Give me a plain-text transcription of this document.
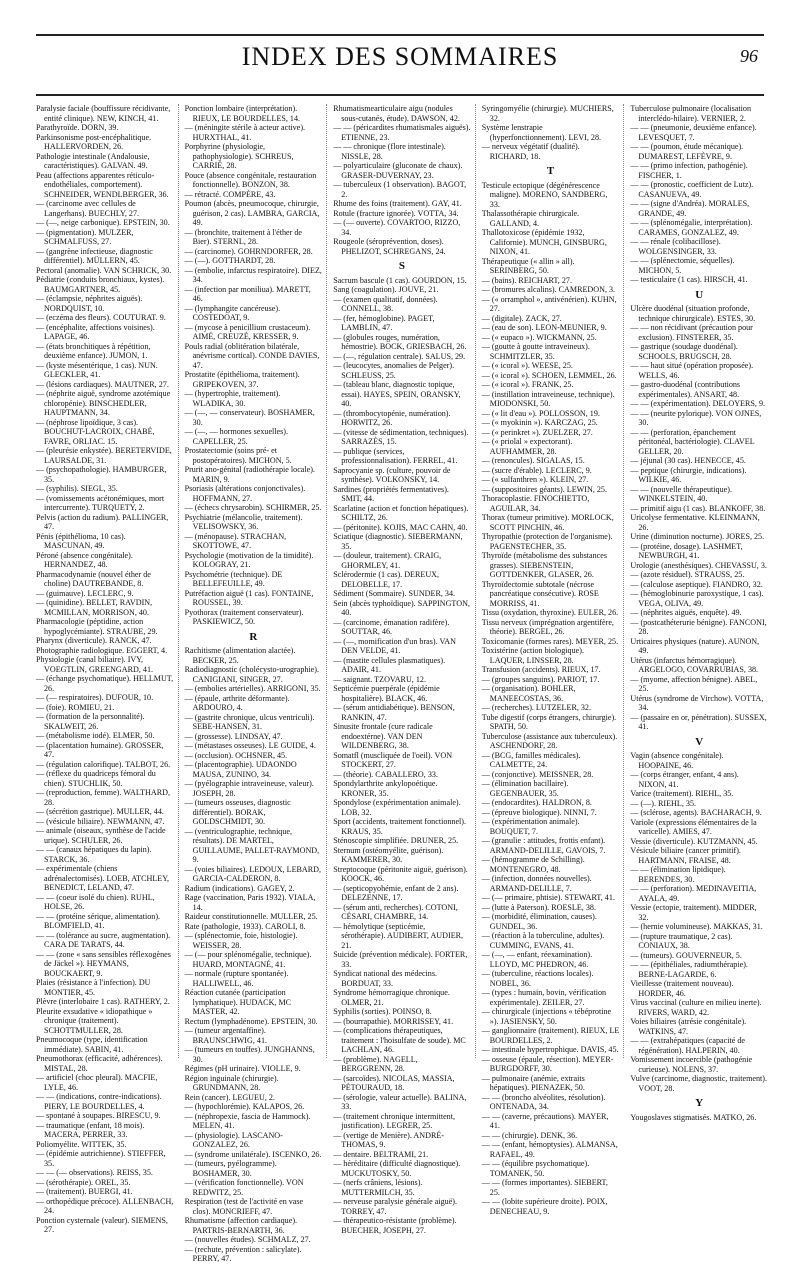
INDEX DES SOMMAIRES	96
Paralysie faciale (bouffissure récidivante, entité clinique). NEW, KINCH, 41.
Parathyroïde. DORN, 39.
Parkinsonisme post-encéphalitique. HALLERVORDEN, 26.
Pathologie intestinale (Andalousie, caractéristiques). GALVAN. 49.
Peau (affections apparentes réticulo-endothéliales, comportement). SCHNEIDER, WENDLBERGER, 36.
— (carcinome avec cellules de Langerhans). BUECHLY, 27.
— (—, neige carbonique). EPSTEIN, 30.
— (pigmentation). MULZER, SCHMALFUSS, 27.
— (gangrène infectieuse, diagnostic différentiel). MÜLLERN, 45.
Pectoral (anomalie). VAN SCHRICK, 30.
Pédiatrie (conduits bronchiaux, kystes). BAUMGARTNER, 45.
— (éclampsie, néphrites aiguës). NORDQUIST, 10.
— (eczéma des fleurs). COUTURAT. 9.
— (encéphalite, affections voisines). LAPAGE, 46.
— (états bronchitiques à répétition, deuxième enfance). JUMON, 1.
— (kyste mésentérique, 1 cas). NUN. GLECKLER, 41.
— (lésions cardiaques). MAUTNER, 27.
— (néphrite aiguë, syndrome azotémique chloropénie). BINSCHEDLER, HAUPTMANN, 34.
— (néphrose lipoïdique, 3 cas). BOUCHUT-LACROIX, CHABÉ, FAVRE, ORLIAC. 15.
— (pleurésie enkystée). BERETERVIDE, LAURSALDE, 31.
— (psychopathologie). HAMBURGER, 35.
— (syphilis). SIEGL, 35.
— (vomissements acétonémiques, mort intercurrente). TURQUETY, 2.
Pelvis (action du radium). PALLINGER, 47.
Pénis (épithélioma, 10 cas). MASCUNAN, 49.
Péroné (absence congénitale). HERNANDEZ, 48.
Pharmacodynamie (nouvel éther de choline) DAUTREBANDE, 8.
— (guimauve). LECLERC, 9.
— (quinidine). BELLET, RAVDIN, MCMILLAN, MORRISON, 40.
Pharmacologie (péptidine, action hypoglycémiante). STRAUBE, 29.
Pharynx (diverticule). RANCK, 47.
Photographie radiologique. EGGERT, 4.
Physiologie (canal biliaire). IVY, VOEGTLIN, GREENGARD, 41.
— (échange psychomatique). HELLMUT, 26.
— (— respiratoires). DUFOUR, 10.
— (foie). ROMIEU, 21.
— (formation de la personnalité). SKALWEIT, 26.
— (métabolisme iodé). ELMER, 50.
— (placentation humaine). GROSSER, 47.
— (régulation calorifique). TALBOT, 26.
— (réflexe du quadriceps fémoral du chien). STUCHLIK, 50.
— (reproduction, femme). WALTHARD, 28.
— (sécrétion gastrique). MULLER, 44.
— (vésicule biliaire). NEWMANN, 47.
— animale (oiseaux, synthèse de l'acide urique). SCHULER, 26.
— — (canaux hépatiques du lapin). STARCK, 36.
— expérimentale (chiens adrénalectomisés). LOEB, ATCHLEY, BENEDICT, LELAND, 47.
— — (coeur isolé du chien). RUHL, HOLSE, 26.
— — (protéine sérique, alimentation). BLOMFIELD, 41.
— — (tolérance au sucre, augmentation). CARA DE TARATS, 44.
— — (zone « sans sensibles réflexogènes de Jäckel »). HEYMANS, BOUCKAERT, 9.
Plaies (résistance à l'infection). DU MONTIER, 45.
Plèvre (interlobaire 1 cas). RATHERY, 2.
Pleurite exsudative « idiopathique » chronique (traitement). SCHOTTMULLER, 28.
Pneumocoque (type, identification immédiate). SABIN, 41.
Pneumothorax (efficacité, adhérences). MISTAL, 28.
— artificiel (choc pleural). MACFIE, LYLE, 46.
— — (indications, contre-indications). PIERY, LE BOURDELLES, 4.
— spontané à soupapes. BIRESCU, 9.
— traumatique (enfant, 18 mois). MACERA, PERRER, 33.
Poliomyélite. WITTEK, 35.
— (épidémie autrichienne). STIEFFER, 35.
— — (— observations). REISS, 35.
— (sérothérapie). OREL, 35.
— (traitement). BUERGI, 41.
— orthopédique précoce). ALLENBACH, 24.
Ponction cysternale (valeur). SIEMENS, 27.
Ponction lombaire (interprétation). RIEUX, LE BOURDELLES, 14.
— (méningite stérile à acteur active). HURXTHAL, 41.
Porphyrine (physiologie, pathophysiologie). SCHREUS, CARRIÉ, 28.
Pouce (absence congénitale, restauration fonctionnelle). BONZON, 38.
— rétracté. COMPÈRE, 43.
Poumon (abcès, pneumocoque, chirurgie, guérison, 2 cas). LAMBRA, GARCIA, 49.
— (bronchite, traitement à l'éther de Bier). STERNL, 28.
— (carcinome). GOHRNDORFER, 28.
— (—). GOTTHARDT, 28.
— (embolie, infarctus respiratoire). DIEZ, 34.
— (infection par moniliua). MARETT, 46.
— (lymphangite cancéreuse). COSTEDOAT, 9.
— (mycose à penicillium crustaceum). AIMÉ, CREUZÉ, KRESSER, 9.
Pouls radial (oblitération bilatérale, anévrisme cortical). CONDE DAVIES, 47.
Prostatite (épithélioma, traitement). GRIPEKOVEN, 37.
— (hypertrophie, traitement). WLADIKA, 30.
— (—, — conservateur). BOSHAMER, 30.
— (—, — hormones sexuelles). CAPELLER, 25.
Prostatectomie (soins pré- et postopératoires). MICHON, 5.
Prurit ano-génital (radiothérapie locale). MARIN, 9.
Psoriasis (altérations conjonctivales). HOFFMANN, 27.
— (échecs chrysarobin). SCHIRMER, 25.
Psychiatrie (mélancolie, traitement). VELISOWSKY, 36.
— (ménopause). STRACHAN, SKOTTOWE, 47.
Psychologie (motivation de la timidité). KOLOGRAY, 21.
Psychométrie (technique). DE BELLEFEUILLE, 49.
Putréfaction aiguë (1 cas). FONTAINE, ROUSSEL, 39.
Pyothorax (traitement conservateur). PASKIEWICZ, 50.
R
Rachitisme (alimentation alactée). BECKER, 25.
Radiodiagnostic (cholécysto-urographie). CANIGIANI, SINGER, 27.
— (embolies artérielles). ARRIGONI, 35.
— (épaule, arthrite déformante). ARDOURO, 4.
— (gastrite chronique, ulcus ventriculi). SEBE-HANSEN, 31.
— (grossesse). LINDSAY, 47.
— (métastases osseuses). LE GUIDE, 4.
— (occlusion). OCHSNER, 45.
— (placentographie). UDAONDO MAUSA, ZUNINO, 34.
— (pyélographie intraveineuse, valeur). JOSEPH, 28.
— (tumeurs osseuses, diagnostic différentiel). BORAK, GOLDSCHMIDT, 30.
— (ventriculographie, technique, résultats). DE MARTEL, GUILLAUME, PALLET-RAYMOND, 9.
— (voies biliaires). LEDOUX, LEBARD, GARCIA-CALDERON, 8.
Radium (indications). GAGEY, 2.
Rage (vaccination, Paris 1932). VIALA, 14.
Raideur constitutionnelle. MULLER, 25.
Rate (pathologie, 1933). CAROLI, 8.
— (splénectomie, foie, histologie). WEISSER, 28.
— (— pour splénomégalie, technique). HUARD, MONTAGNÉ, 41.
— normale (rupture spontanée). HALLIWELL, 46.
Réaction cutanée (participation lymphatique). HUDACK, MC MASTER, 42.
Rectum (lymphadénome). EPSTEIN, 30.
— (tumeur argentaffine). BRAUNSCHWIG, 41.
— (tumeurs en touffes). JUNGHANNS, 30.
Régimes (pH urinaire). VIOLLE, 9.
Région inguinale (chirurgie). GRUNDMANN, 28.
Rein (cancer). LEGUEU, 2.
— (hypochlorémie). KALAPOS, 26.
— (néphropexie, fascia de Hammock). MELEN, 41.
— (physiologie). LASCANO-GONZALEZ, 26.
— (syndrome unilatérale). ISCENKO, 26.
— (tumeurs, pyélogramme). BOSHAMER, 30.
— (vérification fonctionnelle). VON REDWITZ, 25.
Respiration (test de l'activité en vase clos). MONCRIEFF, 47.
Rhumatisme (affection cardiaque). PARTRIS-BERNARTH, 36.
— (nouvelles études). SCHMALZ, 27.
— (rechute, prévention : salicylate). PERRY, 47.
Rhumatismearticulaire aigu (nodules sous-cutanés, étude). DAWSON, 42.
— — (péricardites rhumatismales aiguës). ETIENNE, 23.
— — chronique (flore intestinale). NISSLE, 28.
— polyarticulaire (gluconate de chaux). GRASER-DUVERNAY, 23.
— tuberculeux (1 observation). BAGOT, 2.
Rhume des foins (traitement). GAY, 41.
Rotule (fracture ignorée). VOTTA, 34.
— (— ouverte). COVARTOO, RIZZO, 34.
Rougeole (séroprévention, doses). PHELIZOT, SCHREGANS, 24.
S
Sacrum bascule (1 cas). GOURDON, 15.
Sang (coagulation). JOUVE, 21.
— (examen qualitatif, données). CONNELL, 38.
— (fer, hémoglobine). PAGET, LAMBLIN, 47.
— (globules rouges, numération, hémostrie). BOCK, GRIESBACH, 26.
— (—, régulation centrale). SALUS, 29.
— (leucocytes, anomalies de Pelger). SCHLEUSS, 25.
— (tableau blanc, diagnostic topique, essai). HAYES, SPEIN, ORANSKY, 40.
— (thrombocytopénie, numération). HORWITZ, 26.
— (vitesse de sédimentation, techniques). SARRAZÈS, 15.
— publique (services, professionnalisation). FERREL, 41.
Saprocyanie sp. (culture, pouvoir de synthèse). VOLKONSKY, 14.
Sardines (propriétés fermentatives). SMIT, 44.
Scarlatine (action et fonction hépatiques). SCHILTZ, 26.
— (péritonite). KOJIS, MAC CAHN, 40.
Sciatique (diagnostic). SIEBERMANN, 35.
— (douleur, traitement). CRAIG, GHORMLEY, 41.
Sclérodermie (1 cas). DEREUX, DELOBELLE, 17.
Sédiment (Sommaire). SUNDER, 34.
Sein (abcès typhoïdique). SAPPINGTON, 40.
— (carcinome, émanation radifère). SOUTTAR, 46.
— (—, momification d'un bras). VAN DEN VELDE, 41.
— (mastite cellules plasmatiques). ADAIR, 41.
— saignant. TZOVARU, 12.
Septicémie puerpérale (épidémie hospitalière). BLACK, 46.
— (sérum antidiabétique). BENSON, RANKIN, 47.
Sinusite frontale (cure radicale endoextérne). VAN DEN WILDENBERG, 38.
Somatfl (muscliquée de l'oeil). VON STOCKERT, 27.
— (théorie). CABALLERO, 33.
Spondylarthrite ankylopoétique. KRONER, 35.
Spondylose (expérimentation animale). LOB, 32.
Sport (accidents, traitement fonctionnel). KRAUS, 35.
Sténoscopie simplifiée. DRUNER, 25.
Sternum (ostéomyélite, guérison). KAMMERER, 30.
Streptocoque (péritonite aiguë, guérison). KOOCK, 46.
— (septicopyohémie, enfant de 2 ans). DELEZENNE, 17.
— (sérum anti, recherches). COTONI, CÉSARI, CHAMBRE, 14.
— hémolytique (septicémie, sérothérapie). AUDIBERT, AUDIER, 21.
Suicide (prévention médicale). FORTER, 33.
Syndicat national des médecins. BORDUAT, 33.
Syndrome hémorragique chronique. OLMER, 21.
Syphilis (sorties). POINSO, 8.
— (bourrapathie). MORRISSEY, 41.
— (complications thérapeutiques, traitement : l'hoisulfate de soude). MC LACHLAN, 46.
— (problème). NAGELL, BERGGRENN, 28.
— (sarcoïdes). NICOLAS, MASSIA, PÉTOURAUD, 18.
— (sérologie, valeur actuelle). BALINA, 33.
— (traitement chronique intermittent, justification). LEGRER, 25.
— (vertige de Menière). ANDRÉ-THOMAS, 9.
— dentaire. BELTRAMI, 21.
— héréditaire (difficulté diagnostique). MUCKUTOSKY, 50.
— (nerfs crâniens, lésions). MUTTERMILCH, 35.
— nerveuse paralysie générale aiguë). TORREY, 47.
— thérapeutico-résistante (problème). BUECHER, JOSEPH, 27.
Syringomyélie (chirurgie). MUCHIERS, 32.
Système lenstrapie (hyperfonctionnement). LEVI, 28.
— nerveux végétatif (dualité). RICHARD, 18.
T
Testicule ectopique (dégénérescence maligne). MORENO, SANDBERG, 33.
Thalassothérapie chirurgicale. GALLAND, 4.
Thallotoxicose (épidémie 1932, Californie). MUNCH, GINSBURG, NIXON, 41.
Thérapeutique (« allin » all). SERINBERG, 50.
— (bains). REICHART, 27.
— (bromures alcalins). CAMREDON, 3.
— (« orramphol », antivénérien). KUHN, 27.
— (digitale). ZACK, 27.
— (eau de son). LEON-MEUNIER, 9.
— (« eupaco »). WICKMANN, 25.
— (goutte à goutte intraveineux). SCHMITZLER, 35.
— (« icoral »). WEESE, 25.
— (« icoral »). SCHOEN, LEMMEL, 26.
— (« icoral »). FRANK, 25.
— (instillation intraveineuse, technique). MIODONSKI, 50.
— (« lit d'eau »). POLLOSSON, 19.
— (« myokinin »). KARCZAG, 25.
— (« perinkret »). ZUELZER, 27.
— (« priolal » expectorant). AUFHAMMER, 28.
— (renoncules). SIGALAS, 15.
— (sucre d'érable). LECLERC, 9.
— (« sulfanthren »). KLEIN, 27.
— (suppositoires géants). LEWIN, 25.
Thoracoplastie. FINOCHIETTO, AGUILAR, 34.
Thorax (tumeur primitive). MORLOCK, SCOTT PINCHIN, 46.
Thyropathie (protection de l'organisme). PAGENSTECHER, 35.
Thyroïde (métabolisme des substances grasses). SIEBENSTEIN, GOTTDENKER, GLASER, 26.
Thyroïdectomie subtotale (nécrose pancréatique consécutive). ROSE MORRISS, 41.
Tissu (oxydation, thyroxine). EULER, 26.
Tissu nerveux (imprégnation argentifère, théorie). BERGEL, 26.
Toxicomanie (formes rares). MEYER, 25.
Toxistérine (action biologique). LAQUER, LINSSER, 28.
Transfusion (accidents). RIEUX, 17.
— (groupes sanguins). PARIOT, 17.
— (organisation). BOHLER, MANEECOSTAS, 36.
— (recherches). LUTZELER, 32.
Tube digestif (corps étrangers, chirurgie). SPATH, 50.
Tuberculose (assistance aux tuberculeux). ASCHENDORF, 28.
— (BCG, familles médicales). CALMETTE, 24.
— (conjonctive). MEISSNER, 28.
— (élimination bacillaire). GEGENBAUER, 35.
— (endocardites). HALDRON, 8.
— (épreuve biologique). NINNI, 7.
— (expérimentation animale). BOUQUET, 7.
— (granulie : attitudes, frottis enfant). ARMAND-DELILLE, GAVOIS, 7.
— (hémogramme de Schilling). MONTENEGRO, 48.
— (infection, données nouvelles). ARMAND-DELILLE, 7.
— (— primaire, phtisie). STEWART, 41.
— (lutte à Paterson). ROESLE, 38.
— (morbidité, élimination, causes). GUNDEL, 36.
— (réaction à la tuberculine, adultes). CUMMING, EVANS, 41.
— (—, — enfant, réexamination). LLOYD, MC PHEDRON, 46.
— (tuberculine, réactions locales). NOBEL, 36.
— (types : humain, bovin, vérification expérimentale). ZEILER, 27.
— chirurgicale (injections « tébéprotine »). JASIENSKY, 50.
— ganglionnaire (traitement). RIEUX, LE BOURDELLES, 2.
— intestinale hypertrophique. DAVIS, 45.
— osseuse (épaule, résection). MEYER-BURGDORFF, 30.
— pulmonaire (anémie, extraits hépatiques). PIENAZEK, 50.
— — (broncho alvéolites, résolution). ONTENADA, 34.
— — (caverne, précautions). MAYER, 41.
— — (chirurgie). DENK, 36.
— — (enfant, hémoptysies). ALMANSA, RAFAEL, 49.
— — (équilibre psychomatique). TOMANEK, 50.
— — (formes importantes). SIEBERT, 25.
— — (lobite supérieure droite). POIX, DENECHEAU, 9.
Tuberculose pulmonaire (localisation interclédo-hilaire). VERNIER, 2.
— — (pneumonie, deuxième enfance). LEVESQUET, 7.
— — (poumon, étude mécanique). DUMAREST, LEFÈVRE, 9.
— — (primo infection, pathogénie). FISCHER, 1.
— — (pronostic, coefficient de Lutz). CASANUEVA, 49.
— — (signe d'Andréa). MORALES, GRANDE, 49.
— — (splénomégalie, interprétation). CARAMES, GONZALEZ, 49.
— — rénale (colibacillose). WOLGENSINGER, 33.
— — (splénectomie, séquelles). MICHON, 5.
— testiculaire (1 cas). HIRSCH, 41.
U
Ulcère duodénal (situation profonde, technique chirurgicale). ESTES, 30.
— — non récidivant (précaution pour exclusion). FINSTERER, 35.
— gastrique (soudage duodénal). SCHOOLS, BRUGSCH, 28.
— — haut situé (opération proposée). WELLS, 46.
— gastro-duodénal (contributions expérimentales). ANSART, 48.
— — (expérimentation). DELOYERS, 9.
— — (neurite pylorique). VON OJNES, 30.
— — (perforation, épanchement péritonéal, bactériologie). CLAVEL GELLER, 20.
— jéjunal (30 cas). HENECCE, 45.
— peptique (chirurgie, indications). WILKIE, 46.
— — (nouvelle thérapeutique). WINKELSTEIN, 40.
— primitif aigu (1 cas). BLANKOFF, 38.
Uricolyse fermentative. KLEINMANN, 26.
Urine (diminution nocturne). JORES, 25.
— (protéine, dosage). LASHMET, NEWBURGH, 41.
Urologie (anesthésiques). CHEVASSU, 3.
— (azote résiduel). STRAUSS, 25.
— (calculose aseptique). FIANDRO, 32.
— (hémoglobinurie paroxystique, 1 cas). VEGA, OLIVA, 49.
— (néphrites aiguës, enquête). 49.
— (postcathéterurie bénigne). FANCONI, 28.
Urticaires physiques (nature). AUNON, 49.
Utérus (infarctus hémorragique). ARGELOGO, COVARRUBIAS, 38.
— (myome, affection bénigne). ABEL, 25.
Utérus (syndrome de Virchow). VOTTA, 34.
— (passaire en or, pénétration). SUSSEX, 41.
V
Vagin (absence congénitale). HOOPAINE, 46.
— (corps étranger, enfant, 4 ans). NIXON, 41.
Varice (traitement). RIEHL, 35.
— (—). RIEHL, 35.
— (sclérose, agents). BACHARACH, 9.
Variole (expressions élémentaires de la varicelle). AMIES, 47.
Vessie (diverticule). KUTZMANN, 45.
Vésicule biliaire (cancer primitif). HARTMANN, FRAISE, 48.
— — (élimination lipidique). BERENDES, 30.
— — (perforation). MEDINAVEITIA, AYALA, 49.
Vessie (ectopie, traitement). MIDDER, 32.
— (hernie volumineuse). MAKKAS, 31.
— (rupture traumatique, 2 cas). CONIAUX, 38.
— (tumeurs). GOUVERNEUR, 5.
— — (épithéliales, radiumthérapie). BERNE-LAGARDE, 6.
Vieillesse (traitement nouveau). HORDER, 46.
Virus vaccinal (culture en milieu inerte). RIVERS, WARD, 42.
Voies biliaires (atrésie congénitale). WATKINS, 47.
— — (extrahépatiques (capacité de régénération). HALPERIN, 40.
Vomissement incoercible (pathogénie curieuse). NOLENS, 37.
Vulve (carcinome, diagnostic, traitement). VOOT, 28.
Y
Yougoslaves stigmatisés. MATKO, 26.
